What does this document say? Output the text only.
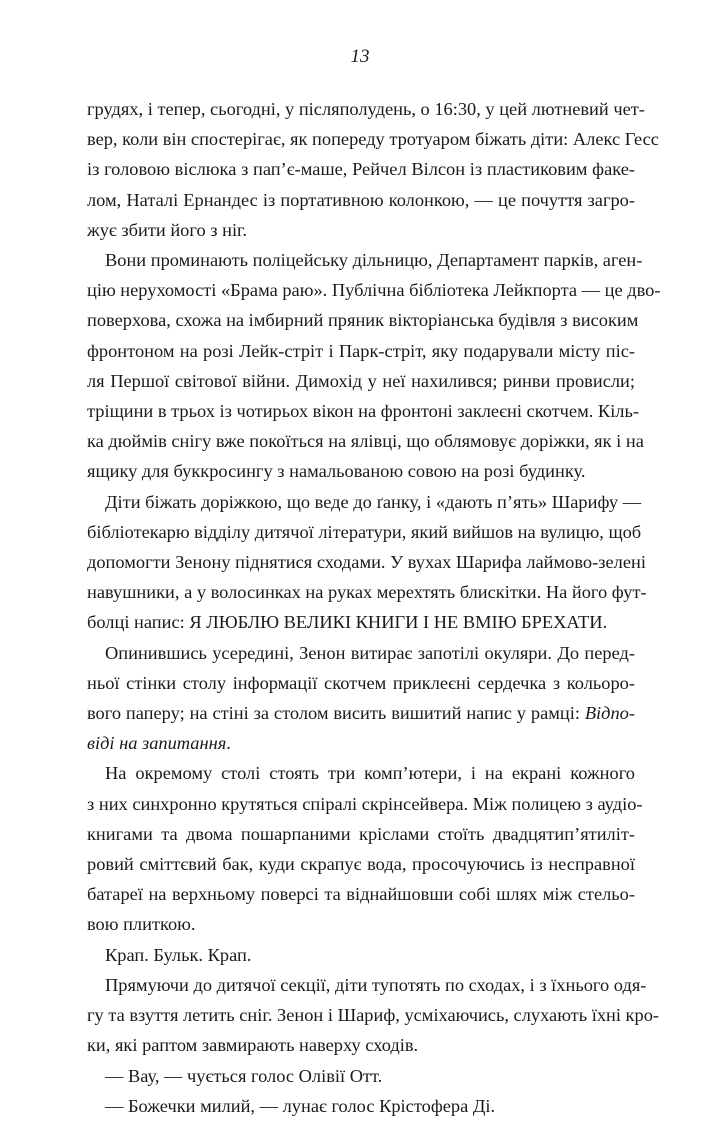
13
грудях, і тепер, сьогодні, у післяполудень, о 16:30, у цей лютневий чет-
вер, коли він спостерігає, як попереду тротуаром біжать діти: Алекс Гесс
із головою віслюка з пап’є-маше, Рейчел Вілсон із пластиковим факе-
лом, Наталі Ернандес із портативною колонкою, — це почуття загро-
жує збити його з ніг.
Вони проминають поліцейську дільницю, Департамент парків, аген-
цію нерухомості «Брама раю». Публічна бібліотека Лейкпорта — це дво-
поверхова, схожа на імбирний пряник вікторіанська будівля з високим
фронтоном на розі Лейк-стріт і Парк-стріт, яку подарували місту піс-
ля Першої світової війни. Димохід у неї нахилився; ринви провисли;
тріщини в трьох із чотирьох вікон на фронтоні заклеєні скотчем. Кіль-
ка дюймів снігу вже покоїться на ялівці, що облямовує доріжки, як і на
ящику для буккросингу з намальованою совою на розі будинку.
Діти біжать доріжкою, що веде до ґанку, і «дають п’ять» Шарифу —
бібліотекарю відділу дитячої літератури, який вийшов на вулицю, щоб
допомогти Зенону піднятися сходами. У вухах Шарифа лаймово-зелені
навушники, а у волосинках на руках мерехтять блискітки. На його фут-
болці напис: Я ЛЮБЛЮ ВЕЛИКІ КНИГИ І НЕ ВМІЮ БРЕХАТИ.
Опинившись усередині, Зенон витирає запотілі окуляри. До перед-
ньої стінки столу інформації скотчем приклеєні сердечка з кольоро-
вого паперу; на стіні за столом висить вишитий напис у рамці: Відпо-
віді на запитання.
На окремому столі стоять три комп’ютери, і на екрані кожного
з них синхронно крутяться спіралі скрінсейвера. Між полицею з аудіо-
книгами та двома пошарпаними кріслами стоїть двадцятип’ятиліт-
ровий сміттєвий бак, куди скрапує вода, просочуючись із несправної
батареї на верхньому поверсі та віднайшовши собі шлях між стельо-
вою плиткою.
Крап. Бульк. Крап.
Прямуючи до дитячої секції, діти тупотять по сходах, і з їхнього одя-
гу та взуття летить сніг. Зенон і Шариф, усміхаючись, слухають їхні кро-
ки, які раптом завмирають наверху сходів.
— Вау, — чується голос Олівії Отт.
— Божечки милий, — лунає голос Крістофера Ді.
